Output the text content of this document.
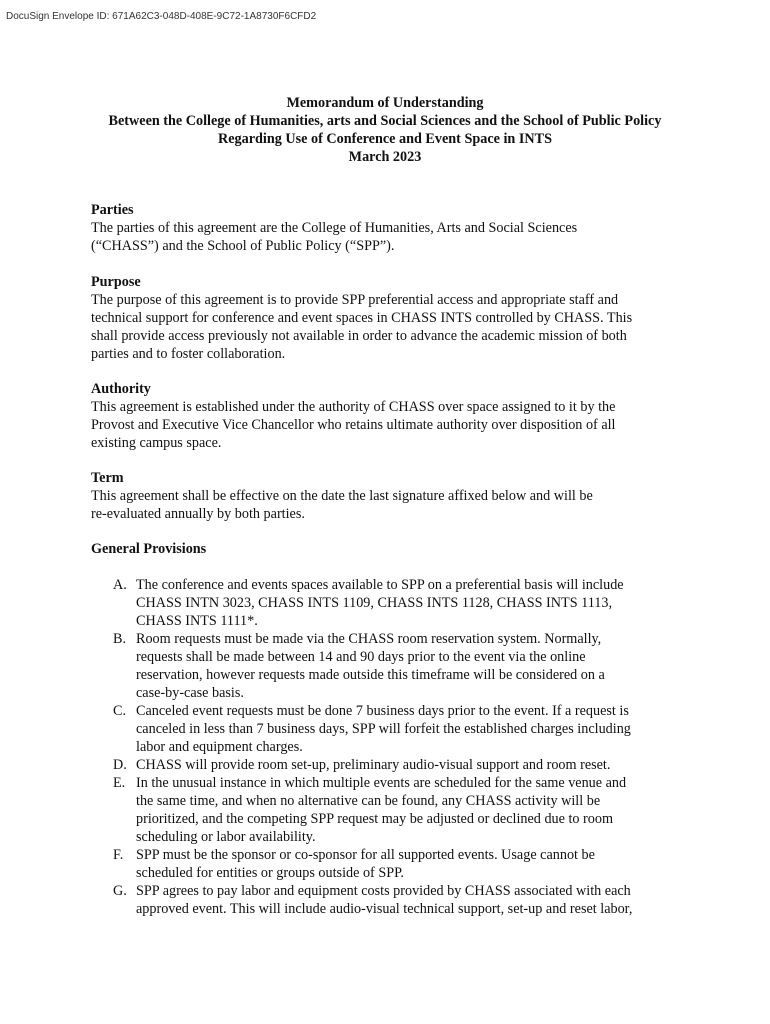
DocuSign Envelope ID: 671A62C3-048D-408E-9C72-1A8730F6CFD2
Memorandum of Understanding
Between the College of Humanities, arts and Social Sciences and the School of Public Policy
Regarding Use of Conference and Event Space in INTS
March 2023
Parties
The parties of this agreement are the College of Humanities, Arts and Social Sciences
(“CHASS”) and the School of Public Policy (“SPP”).
Purpose
The purpose of this agreement is to provide SPP preferential access and appropriate staff and
technical support for conference and event spaces in CHASS INTS controlled by CHASS. This
shall provide access previously not available in order to advance the academic mission of both
parties and to foster collaboration.
Authority
This agreement is established under the authority of CHASS over space assigned to it by the
Provost and Executive Vice Chancellor who retains ultimate authority over disposition of all
existing campus space.
Term
This agreement shall be effective on the date the last signature affixed below and will be
re-evaluated annually by both parties.
General Provisions
A. The conference and events spaces available to SPP on a preferential basis will include
CHASS INTN 3023, CHASS INTS 1109, CHASS INTS 1128, CHASS INTS 1113,
CHASS INTS 1111*.
B. Room requests must be made via the CHASS room reservation system. Normally,
requests shall be made between 14 and 90 days prior to the event via the online
reservation, however requests made outside this timeframe will be considered on a
case-by-case basis.
C. Canceled event requests must be done 7 business days prior to the event. If a request is
canceled in less than 7 business days, SPP will forfeit the established charges including
labor and equipment charges.
D. CHASS will provide room set-up, preliminary audio-visual support and room reset.
E. In the unusual instance in which multiple events are scheduled for the same venue and
the same time, and when no alternative can be found, any CHASS activity will be
prioritized, and the competing SPP request may be adjusted or declined due to room
scheduling or labor availability.
F. SPP must be the sponsor or co-sponsor for all supported events. Usage cannot be
scheduled for entities or groups outside of SPP.
G. SPP agrees to pay labor and equipment costs provided by CHASS associated with each
approved event. This will include audio-visual technical support, set-up and reset labor,
